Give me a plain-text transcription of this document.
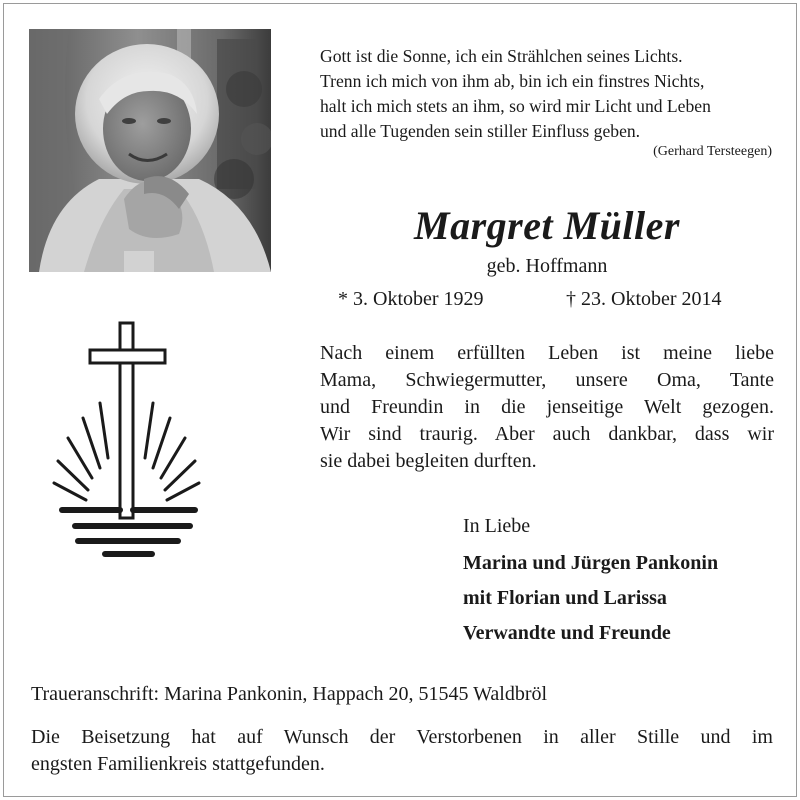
Gott ist die Sonne, ich ein Strählchen seines Lichts.
Trenn ich mich von ihm ab, bin ich ein finstres Nichts,
halt ich mich stets an ihm, so wird mir Licht und Leben
und alle Tugenden sein stiller Einfluss geben.
(Gerhard Tersteegen)
Margret Müller
geb. Hoffmann
* 3. Oktober 1929	† 23. Oktober 2014
Nach einem erfüllten Leben ist meine liebe
Mama, Schwiegermutter, unsere Oma, Tante
und Freundin in die jenseitige Welt gezogen.
Wir sind traurig. Aber auch dankbar, dass wir
sie dabei begleiten durften.
In Liebe
Marina und Jürgen Pankonin
mit Florian und Larissa
Verwandte und Freunde
Traueranschrift: Marina Pankonin, Happach 20, 51545 Waldbröl
Die Beisetzung hat auf Wunsch der Verstorbenen in aller Stille und im
engsten Familienkreis stattgefunden.
